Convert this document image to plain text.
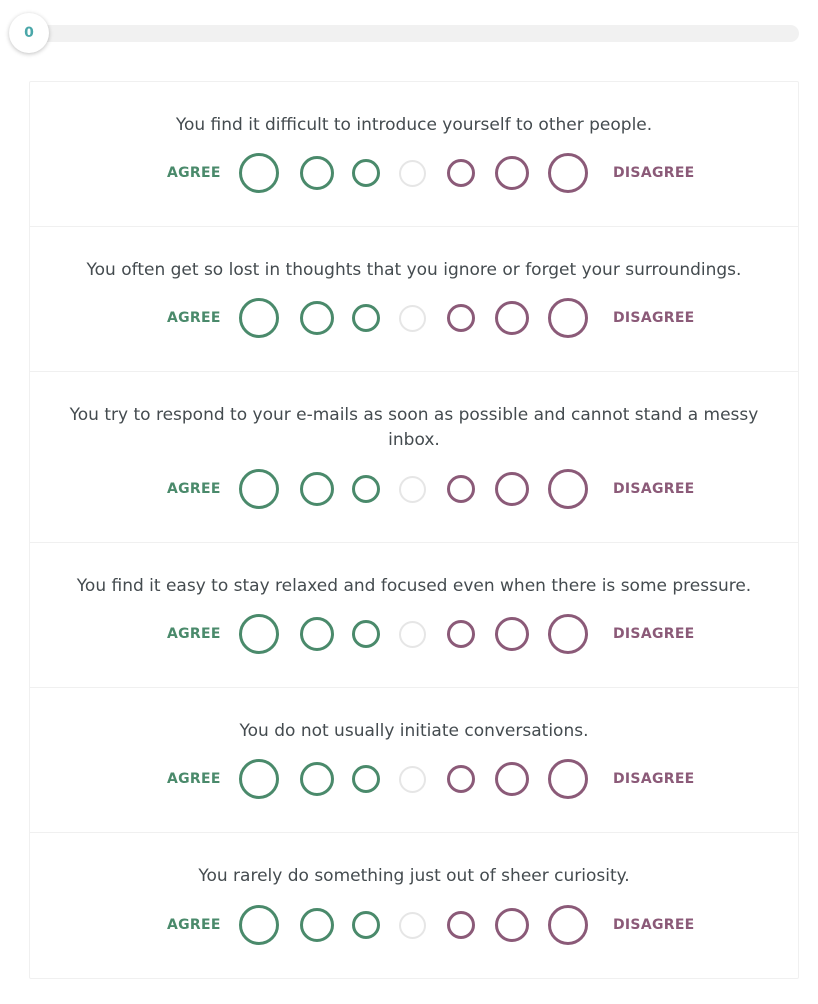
0
You find it difficult to introduce yourself to other people.
AGREE	DISAGREE
You often get so lost in thoughts that you ignore or forget your surroundings.
AGREE	DISAGREE
You try to respond to your e-mails as soon as possible and cannot stand a messy inbox.
AGREE	DISAGREE
You find it easy to stay relaxed and focused even when there is some pressure.
AGREE	DISAGREE
You do not usually initiate conversations.
AGREE	DISAGREE
You rarely do something just out of sheer curiosity.
AGREE	DISAGREE
